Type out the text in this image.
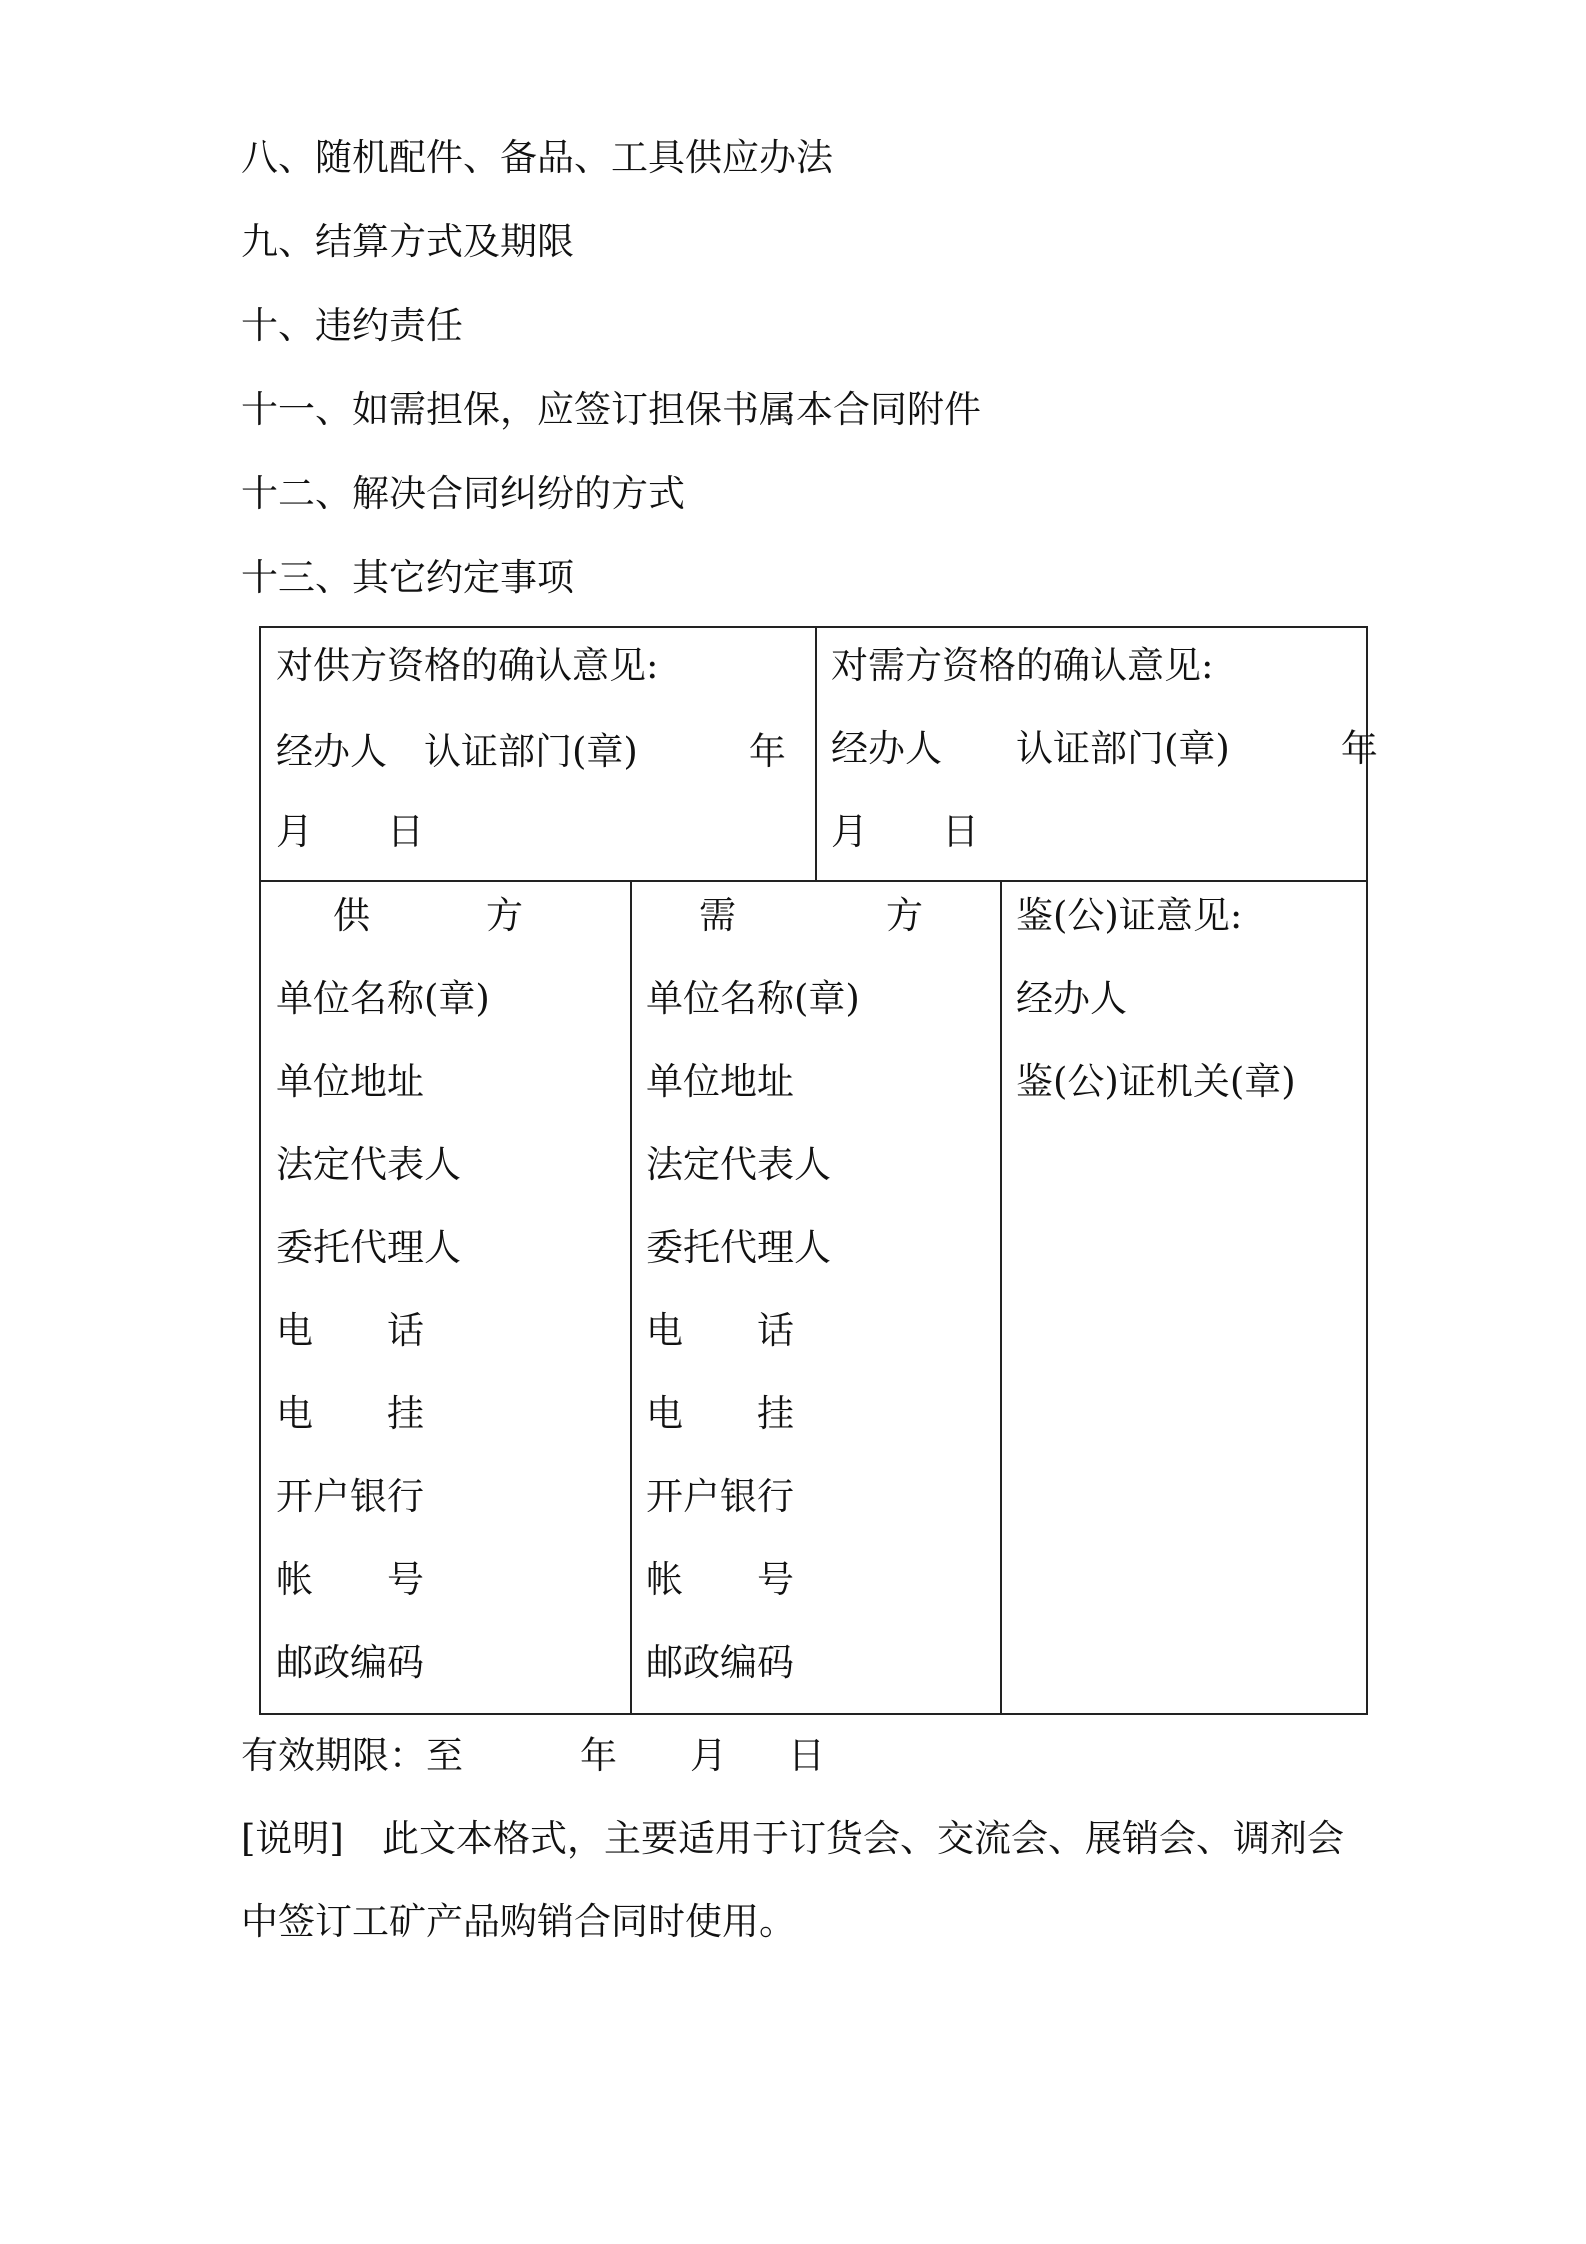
八、随机配件、备品、工具供应办法

九、结算方式及期限

十、违约责任

十一、如需担保，应签订担保书属本合同附件

十二、解决合同纠纷的方式

十三、其它约定事项

对供方资格的确认意见:

经办人　认证部门(章)　　　年

月　　日

对需方资格的确认意见:

经办人　　认证部门(章)　　　年

月　　日

供	方

单位名称(章)

单位地址

法定代表人

委托代理人

电　　话

电　　挂

开户银行

帐　　号

邮政编码

需	方

单位名称(章)

单位地址

法定代表人

委托代理人

电　　话

电　　挂

开户银行

帐　　号

邮政编码

鉴(公)证意见:

经办人

鉴(公)证机关(章)

有效期限：至	年 月 日

[说明] 此文本格式，主要适用于订货会、交流会、展销会、调剂会

中签订工矿产品购销合同时使用。
